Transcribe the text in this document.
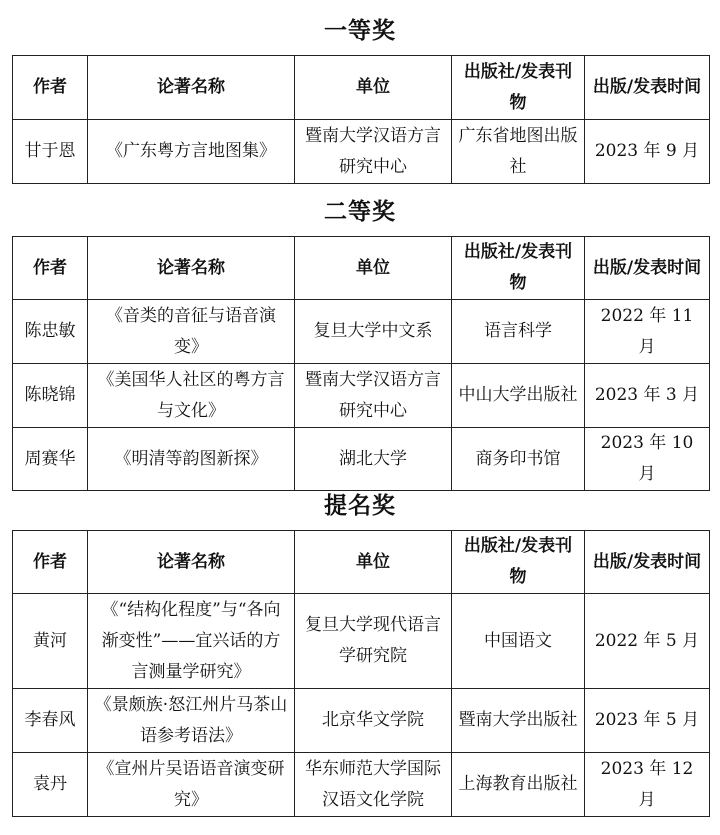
一等奖
作者	论著名称	单位	出版社/发表刊物	出版/发表时间
甘于恩	《广东粤方言地图集》	暨南大学汉语方言研究中心	广东省地图出版社	2023 年 9 月
二等奖
作者	论著名称	单位	出版社/发表刊物	出版/发表时间
陈忠敏	《音类的音征与语音演变》	复旦大学中文系	语言科学	2022 年 11 月
陈晓锦	《美国华人社区的粤方言与文化》	暨南大学汉语方言研究中心	中山大学出版社	2023 年 3 月
周赛华	《明清等韵图新探》	湖北大学	商务印书馆	2023 年 10 月
提名奖
作者	论著名称	单位	出版社/发表刊物	出版/发表时间
黄河	《“结构化程度”与“各向渐变性”——宜兴话的方言测量学研究》	复旦大学现代语言学研究院	中国语文	2022 年 5 月
李春风	《景颇族·怒江州片马茶山语参考语法》	北京华文学院	暨南大学出版社	2023 年 5 月
袁丹	《宣州片吴语语音演变研究》	华东师范大学国际汉语文化学院	上海教育出版社	2023 年 12 月
